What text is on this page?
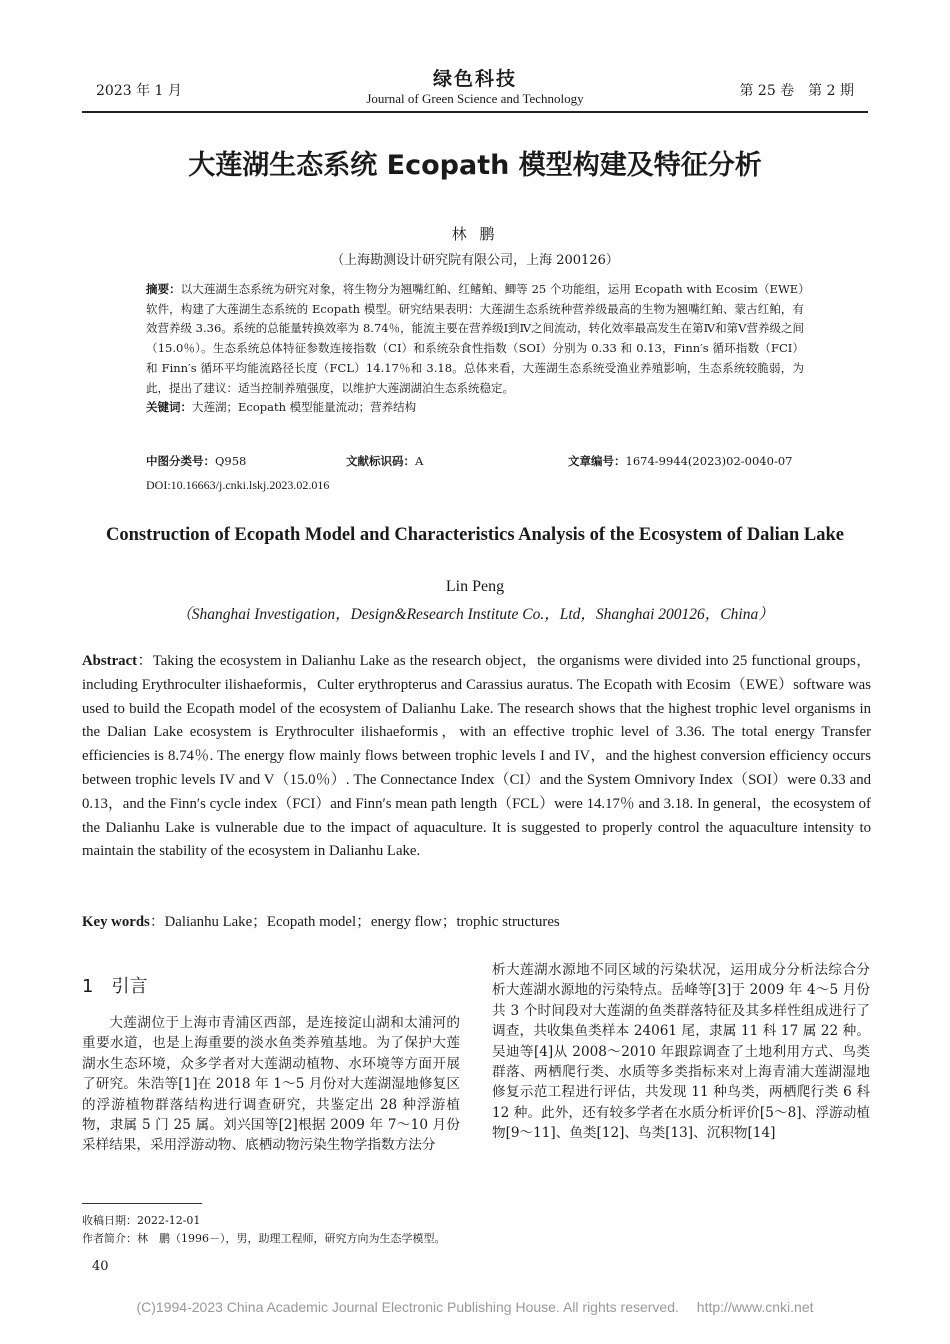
2023 年 1 月
绿色科技
Journal of Green Science and Technology	第 25 卷　第 2 期
大莲湖生态系统 Ecopath 模型构建及特征分析
林 鹏
（上海勘测设计研究院有限公司，上海 200126）
摘要：以大莲湖生态系统为研究对象，将生物分为翘嘴红鲌、红鳍鲌、鲫等 25 个功能组，运用 Ecopath with Ecosim（EWE）软件，构建了大莲湖生态系统的 Ecopath 模型。研究结果表明：大莲湖生态系统种营养级最高的生物为翘嘴红鲌、蒙古红鲌，有效营养级 3.36。系统的总能量转换效率为 8.74％，能流主要在营养级Ⅰ到Ⅳ之间流动，转化效率最高发生在第Ⅳ和第Ⅴ营养级之间（15.0％）。生态系统总体特征参数连接指数（CI）和系统杂食性指数（SOI）分别为 0.33 和 0.13，Finn′s 循环指数（FCI）和 Finn′s 循环平均能流路径长度（FCL）14.17％和 3.18。总体来看，大莲湖生态系统受渔业养殖影响，生态系统较脆弱，为此，提出了建议：适当控制养殖强度，以维护大莲湖湖泊生态系统稳定。
关键词：大莲湖；Ecopath 模型能量流动；营养结构
中图分类号：Q958	文献标识码：A	文章编号：1674-9944(2023)02-0040-07
DOI:10.16663/j.cnki.lskj.2023.02.016
Construction of Ecopath Model and Characteristics Analysis of the Ecosystem of Dalian Lake
Lin Peng
（Shanghai Investigation，Design&Research Institute Co.，Ltd，Shanghai 200126，China）
Abstract：Taking the ecosystem in Dalianhu Lake as the research object，the organisms were divided into 25 functional groups，including Erythroculter ilishaeformis，Culter erythropterus and Carassius auratus. The Ecopath with Ecosim（EWE）software was used to build the Ecopath model of the ecosystem of Dalianhu Lake. The research shows that the highest trophic level organisms in the Dalian Lake ecosystem is Erythroculter ilishaeformis，with an effective trophic level of 3.36. The total energy Transfer efficiencies is 8.74％. The energy flow mainly flows between trophic levels I and IV，and the highest conversion efficiency occurs between trophic levels IV and V（15.0％）. The Connectance Index（CI）and the System Omnivory Index（SOI）were 0.33 and 0.13，and the Finn′s cycle index（FCI）and Finn′s mean path length（FCL）were 14.17％ and 3.18. In general，the ecosystem of the Dalianhu Lake is vulnerable due to the impact of aquaculture. It is suggested to properly control the aquaculture intensity to maintain the stability of the ecosystem in Dalianhu Lake.
Key words：Dalianhu Lake；Ecopath model；energy flow；trophic structures
1　 引言

大莲湖位于上海市青浦区西部，是连接淀山湖和太浦河的重要水道，也是上海重要的淡水鱼类养殖基地。为了保护大莲湖水生态环境，众多学者对大莲湖动植物、水环境等方面开展了研究。朱浩等[1]在 2018 年 1～5 月份对大莲湖湿地修复区的浮游植物群落结构进行调查研究，共鉴定出 28 种浮游植物，隶属 5 门 25 属。刘兴国等[2]根据 2009 年 7～10 月份采样结果，采用浮游动物、底栖动物污染生物学指数方法分

析大莲湖水源地不同区域的污染状况，运用成分分析法综合分析大莲湖水源地的污染特点。岳峰等[3]于 2009 年 4～5 月份共 3 个时间段对大莲湖的鱼类群落特征及其多样性组成进行了调查，共收集鱼类样本 24061 尾，隶属 11 科 17 属 22 种。吴迪等[4]从 2008～2010 年跟踪调查了土地利用方式、鸟类群落、两栖爬行类、水质等多类指标来对上海青浦大莲湖湿地修复示范工程进行评估，共发现 11 种鸟类，两栖爬行类 6 科 12 种。此外，还有较多学者在水质分析评价[5～8]、浮游动植物[9～11]、鱼类[12]、鸟类[13]、沉积物[14]

收稿日期：2022-12-01
作者简介：林　鹏（1996－），男，助理工程师，研究方向为生态学模型。
40
(C)1994-2023 China Academic Journal Electronic Publishing House. All rights reserved.　 http://www.cnki.net
